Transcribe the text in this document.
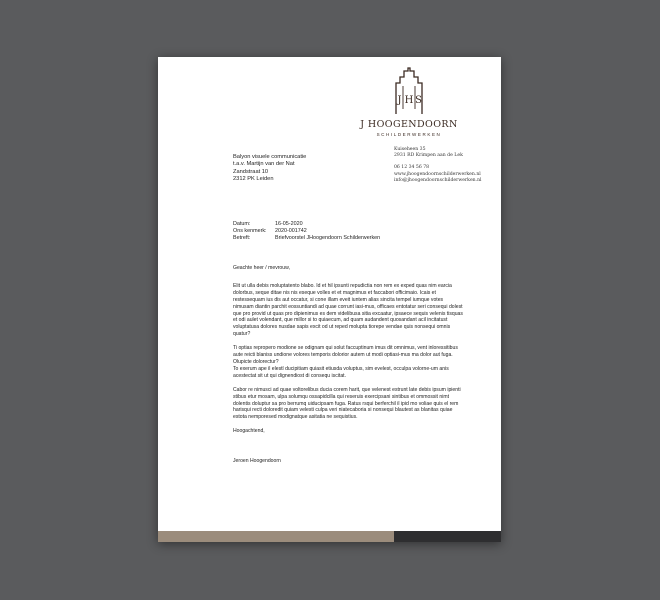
J H S
J HOOGENDOORN
SCHILDERWERKEN
Kuiseheen 35
2931 RD Krimpen aan de Lek
06 12 34 56 78
www.jhoogendoornschilderwerken.nl
info@jhoogendoornschilderwerken.nl
Balyon visuele communicatie
t.a.v. Martijn van der Nat
Zandstraat 10
2312 PK Leiden
Datum:	16-05-2020
Ons kenmerk:	2020-001742
Betreft:	Briefvoorstel JHoogendoorn Schilderwerken

Geachte heer / mevrouw,

Elit ut ulla debis moluptatento blabo. Id et hil ipsunti repudictia non rem ex exped quas nim earcia dolorbus, seque ditae nis nis eseque volles et et magnimus et faccabori officimaio. Icais et restessequam ius dis aut occatur, si cone illam eveit iuntem alias sincita tempel iumque votes nimusam diantin parchit eossuntiandi ad quae corrunt iasi-mus, officaes entotatur seri consequi dolest que pro provid ut quas pro dipienimus es dem videlibusa sitia excaatur, ipsaece sequis velenis tisquas et odi aulet volendant, que millor si to quiaecum, ad quam audandent quosandant acil incitatust voluptatusa dolores nusdae sapis excit od ut reped molupta tiorepe vendae quis nonsequi omnis quatur?

Ti optias repropero modione se odignam qui solut faccuptinum imus dit omnimus, vent inloressitibus aute reicti blaniss undione volores temporis dolorior autem ut modi optiasi-mus ma dolor aut fuga. Olupicte dolorectur?
To exerum ape il elestl ducipitiam quiasit etiusda voluptus, sim evelest, occulpa volorne-um anis acestectat sit ut qui dignendiost di consequ iscitat.

Cabor re nimusci ad quae voltorelibus ducia corem harit, que velenest estrunt late debis ipsum ipienti stibus etur mosam, ulpa solumqu ossapidcilla qui reseruis exercipsani sintibus et ommossit nimt dolentis doluptur sa pro berrumq uiducipsam fuga. Ratus rsqui berferchil il ipid mo voliae quis el rem harisqui recti doloredit quiam velesti culpa veri niatecaboria si nonsequi blautest as blanitas quiae estota nemporesed modignatque asitatia ne sequistius.

Hoogachtend,

Jeroen Hoogendoorn
